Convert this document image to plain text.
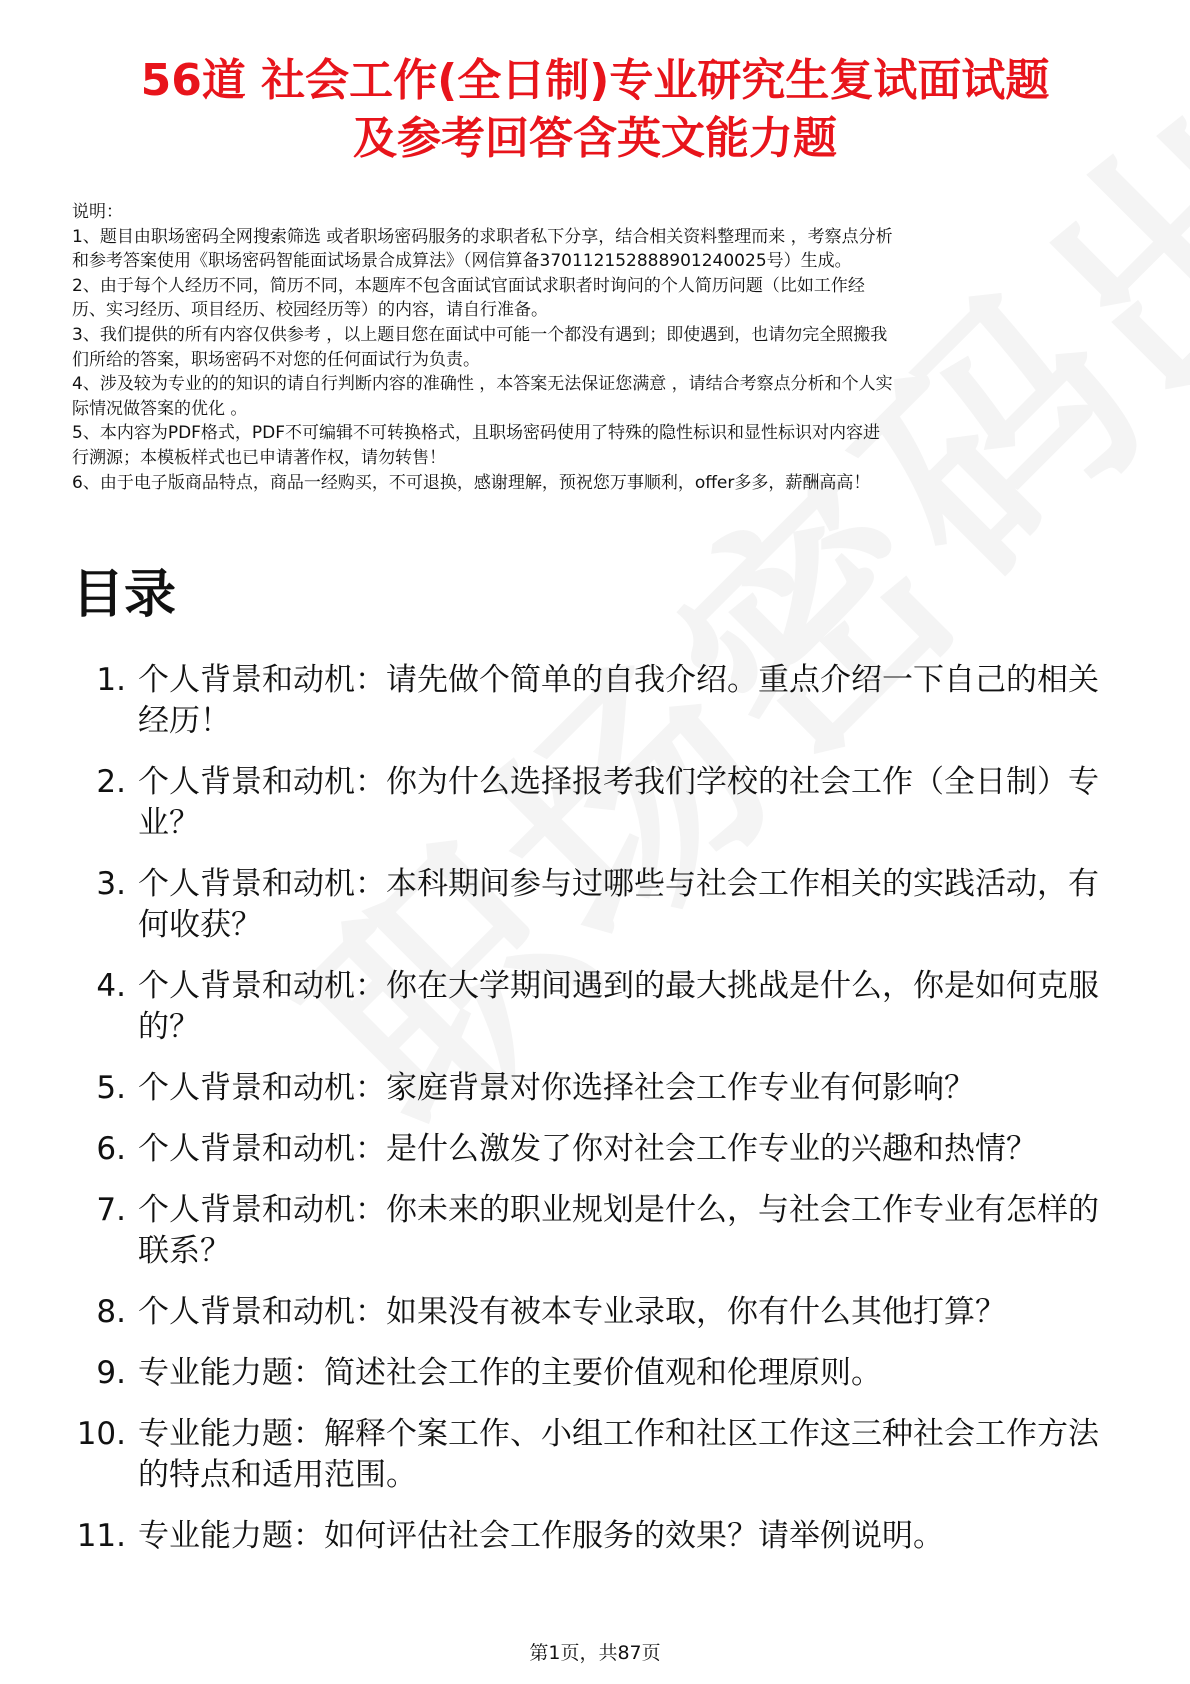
56道 社会工作(全日制)专业研究生复试面试题
及参考回答含英文能力题
说明：
1、题目由职场密码全网搜索筛选 或者职场密码服务的求职者私下分享，结合相关资料整理而来 ，考察点分析
和参考答案使用《职场密码智能面试场景合成算法》（网信算备370112152888901240025号）生成。
2、由于每个人经历不同，简历不同，本题库不包含面试官面试求职者时询问的个人简历问题（比如工作经
历、实习经历、项目经历、校园经历等）的内容，请自行准备。
3、我们提供的所有内容仅供参考 ，以上题目您在面试中可能一个都没有遇到；即使遇到，也请勿完全照搬我
们所给的答案，职场密码不对您的任何面试行为负责。
4、涉及较为专业的的知识的请自行判断内容的准确性 ，本答案无法保证您满意 ，请结合考察点分析和个人实
际情况做答案的优化 。
5、本内容为PDF格式，PDF不可编辑不可转换格式，且职场密码使用了特殊的隐性标识和显性标识对内容进
行溯源；本模板样式也已申请著作权，请勿转售！
6、由于电子版商品特点，商品一经购买，不可退换，感谢理解，预祝您万事顺利，offer多多，薪酬高高！
目录
1. 个人背景和动机：请先做个简单的自我介绍。重点介绍一下自己的相关经历！
2. 个人背景和动机：你为什么选择报考我们学校的社会工作（全日制）专业？
3. 个人背景和动机：本科期间参与过哪些与社会工作相关的实践活动，有何收获？
4. 个人背景和动机：你在大学期间遇到的最大挑战是什么，你是如何克服的？
5. 个人背景和动机：家庭背景对你选择社会工作专业有何影响？
6. 个人背景和动机：是什么激发了你对社会工作专业的兴趣和热情？
7. 个人背景和动机：你未来的职业规划是什么，与社会工作专业有怎样的联系？
8. 个人背景和动机：如果没有被本专业录取，你有什么其他打算？
9. 专业能力题：简述社会工作的主要价值观和伦理原则。
10. 专业能力题：解释个案工作、小组工作和社区工作这三种社会工作方法的特点和适用范围。
11. 专业能力题：如何评估社会工作服务的效果？请举例说明。
第1页，共87页
